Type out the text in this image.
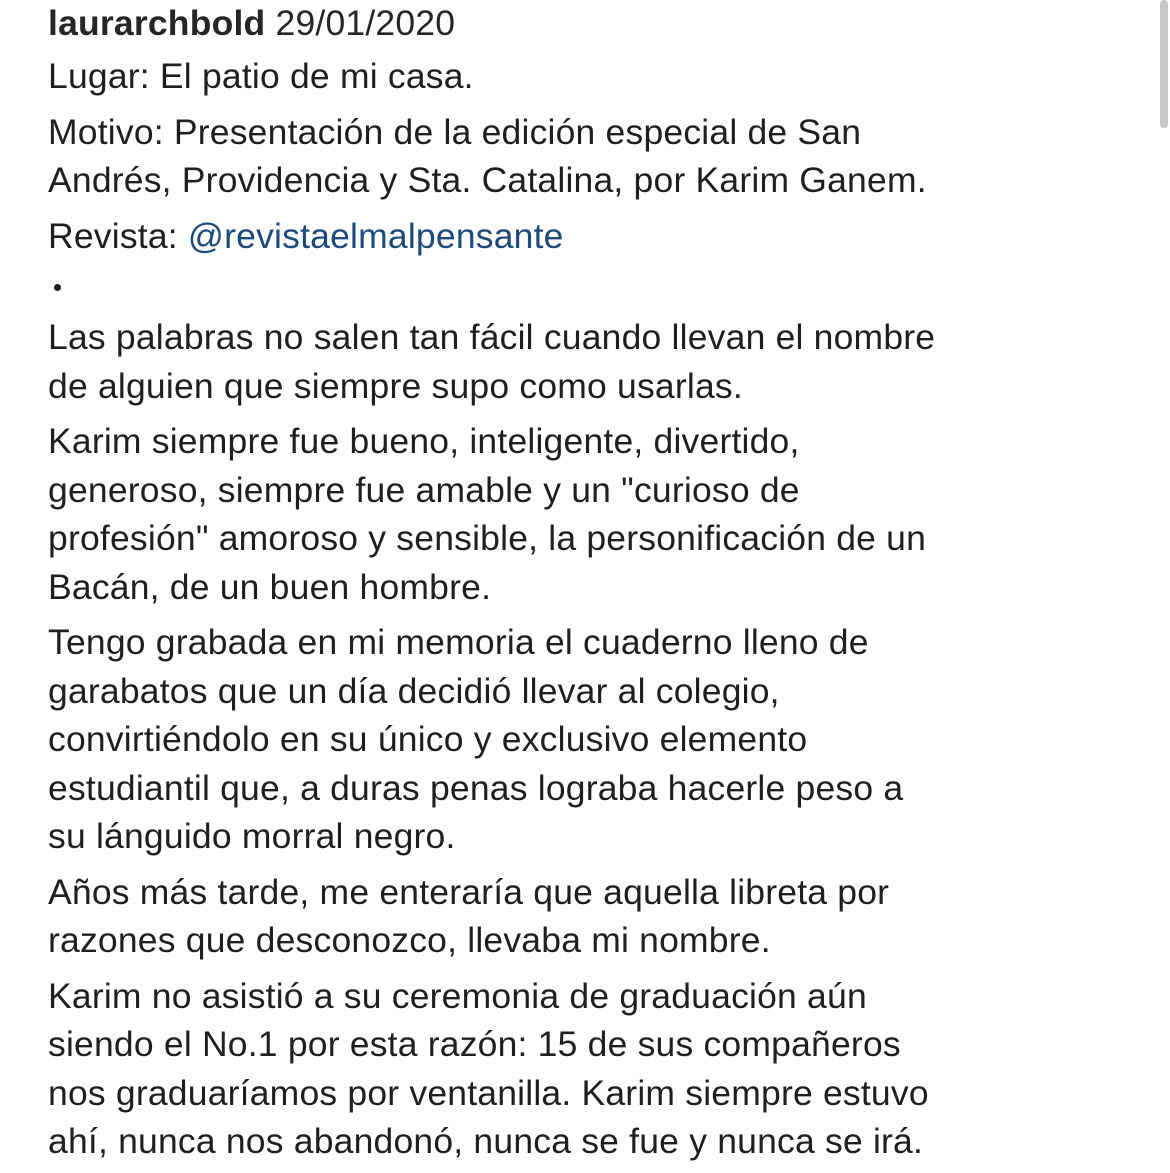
laurarchbold 29/01/2020
Lugar: El patio de mi casa.
Motivo: Presentación de la edición especial de San
Andrés, Providencia y Sta. Catalina, por Karim Ganem.
Revista: @revistaelmalpensante
Las palabras no salen tan fácil cuando llevan el nombre
de alguien que siempre supo como usarlas.
Karim siempre fue bueno, inteligente, divertido,
generoso, siempre fue amable y un "curioso de
profesión" amoroso y sensible, la personificación de un
Bacán, de un buen hombre.
Tengo grabada en mi memoria el cuaderno lleno de
garabatos que un día decidió llevar al colegio,
convirtiéndolo en su único y exclusivo elemento
estudiantil que, a duras penas lograba hacerle peso a
su lánguido morral negro.
Años más tarde, me enteraría que aquella libreta por
razones que desconozco, llevaba mi nombre.
Karim no asistió a su ceremonia de graduación aún
siendo el No.1 por esta razón: 15 de sus compañeros
nos graduaríamos por ventanilla. Karim siempre estuvo
ahí, nunca nos abandonó, nunca se fue y nunca se irá.
